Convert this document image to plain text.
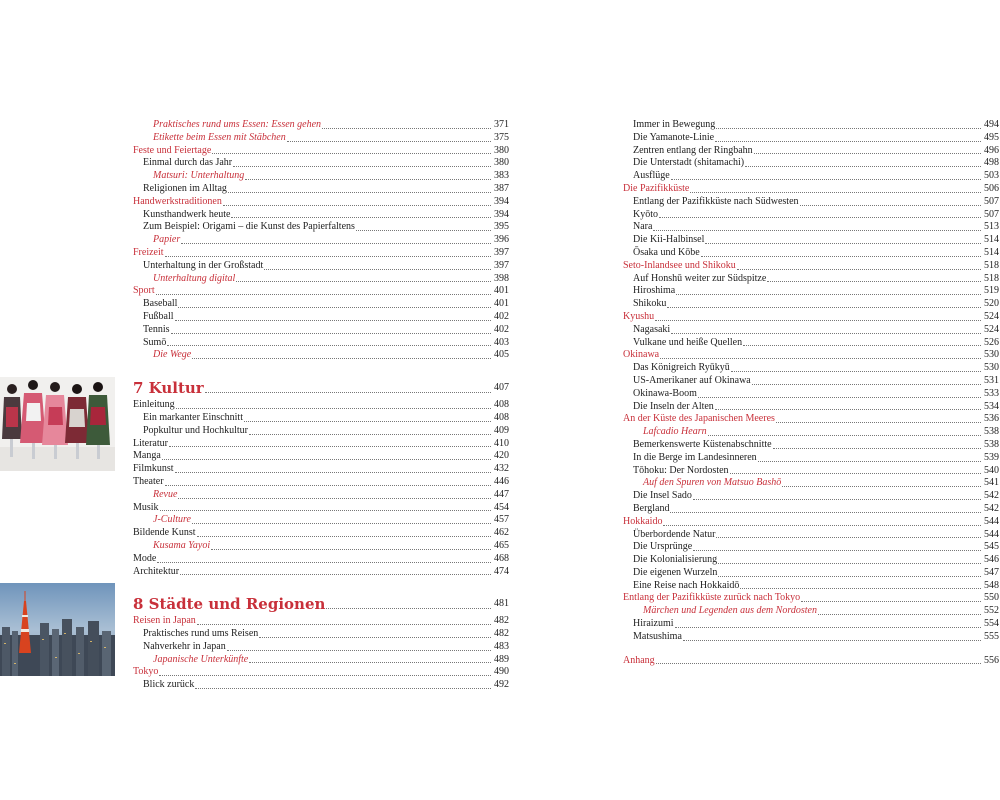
Praktisches rund ums Essen: Essen gehen	371
Etikette beim Essen mit Stäbchen	375
Feste und Feiertage	380
Einmal durch das Jahr	380
Matsuri: Unterhaltung	383
Religionen im Alltag	387
Handwerkstraditionen	394
Kunsthandwerk heute	394
Zum Beispiel: Origami – die Kunst des Papierfaltens	395
Papier	396
Freizeit	397
Unterhaltung in der Großstadt	397
Unterhaltung digital	398
Sport	401
Baseball	401
Fußball	402
Tennis	402
Sumō	403
Die Wege	405
7 Kultur	407
Einleitung	408
Ein markanter Einschnitt	408
Popkultur und Hochkultur	409
Literatur	410
Manga	420
Filmkunst	432
Theater	446
Revue	447
Musik	454
J-Culture	457
Bildende Kunst	462
Kusama Yayoi	465
Mode	468
Architektur	474
8 Städte und Regionen	481
Reisen in Japan	482
Praktisches rund ums Reisen	482
Nahverkehr in Japan	483
Japanische Unterkünfte	489
Tokyo	490
Blick zurück	492
Immer in Bewegung	494
Die Yamanote-Linie	495
Zentren entlang der Ringbahn	496
Die Unterstadt (shitamachi)	498
Ausflüge	503
Die Pazifikküste	506
Entlang der Pazifikküste nach Südwesten	507
Kyōto	507
Nara	513
Die Kii-Halbinsel	514
Ōsaka und Kōbe	514
Seto-Inlandsee und Shikoku	518
Auf Honshū weiter zur Südspitze	518
Hiroshima	519
Shikoku	520
Kyushu	524
Nagasaki	524
Vulkane und heiße Quellen	526
Okinawa	530
Das Königreich Ryūkyū	530
US-Amerikaner auf Okinawa	531
Okinawa-Boom	533
Die Inseln der Alten	534
An der Küste des Japanischen Meeres	536
Lafcadio Hearn	538
Bemerkenswerte Küstenabschnitte	538
In die Berge im Landesinneren	539
Tōhoku: Der Nordosten	540
Auf den Spuren von Matsuo Bashō	541
Die Insel Sado	542
Bergland	542
Hokkaido	544
Überbordende Natur	544
Die Ursprünge	545
Die Kolonialisierung	546
Die eigenen Wurzeln	547
Eine Reise nach Hokkaidō	548
Entlang der Pazifikküste zurück nach Tokyo	550
Märchen und Legenden aus dem Nordosten	552
Hiraizumi	554
Matsushima	555
Anhang	556
